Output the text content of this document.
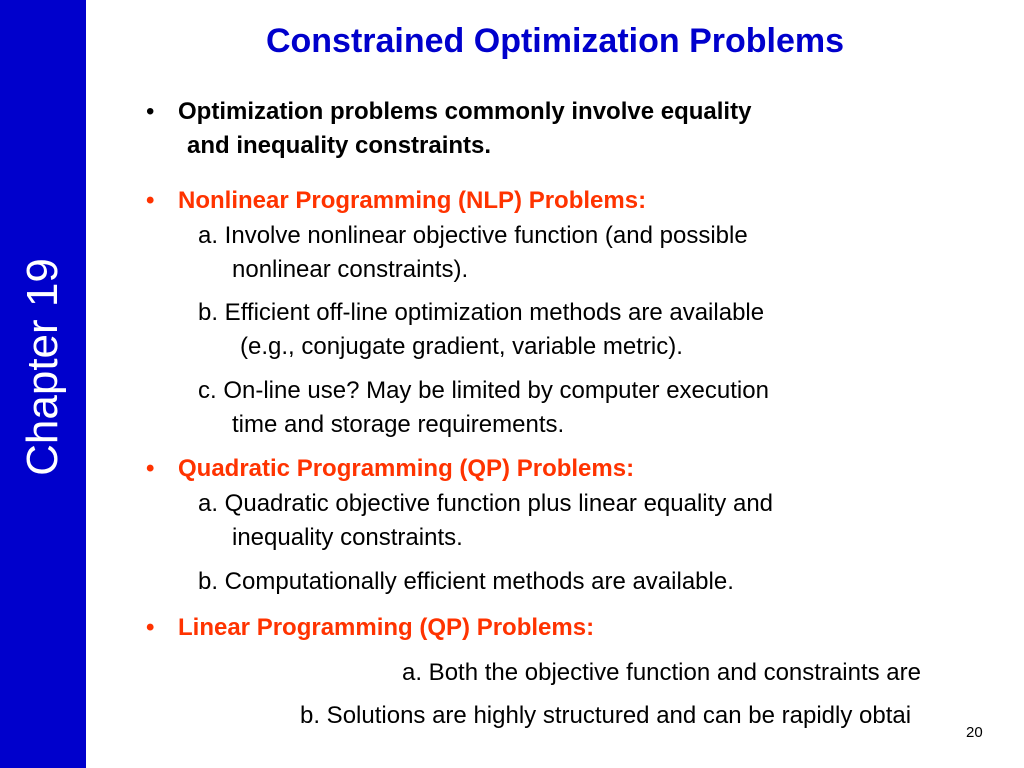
Chapter 19
Constrained Optimization Problems
• Optimization problems commonly involve equality
and inequality constraints.
• Nonlinear Programming (NLP) Problems:
a. Involve nonlinear objective function (and possible
nonlinear constraints).
b. Efficient off-line optimization methods are available
(e.g., conjugate gradient, variable metric).
c. On-line use? May be limited by computer execution
time and storage requirements.
• Quadratic Programming (QP) Problems:
a. Quadratic objective function plus linear equality and
inequality constraints.
b. Computationally efficient methods are available.
• Linear Programming (QP) Problems:
a. Both the objective function and constraints are
b. Solutions are highly structured and can be rapidly obtai
20
